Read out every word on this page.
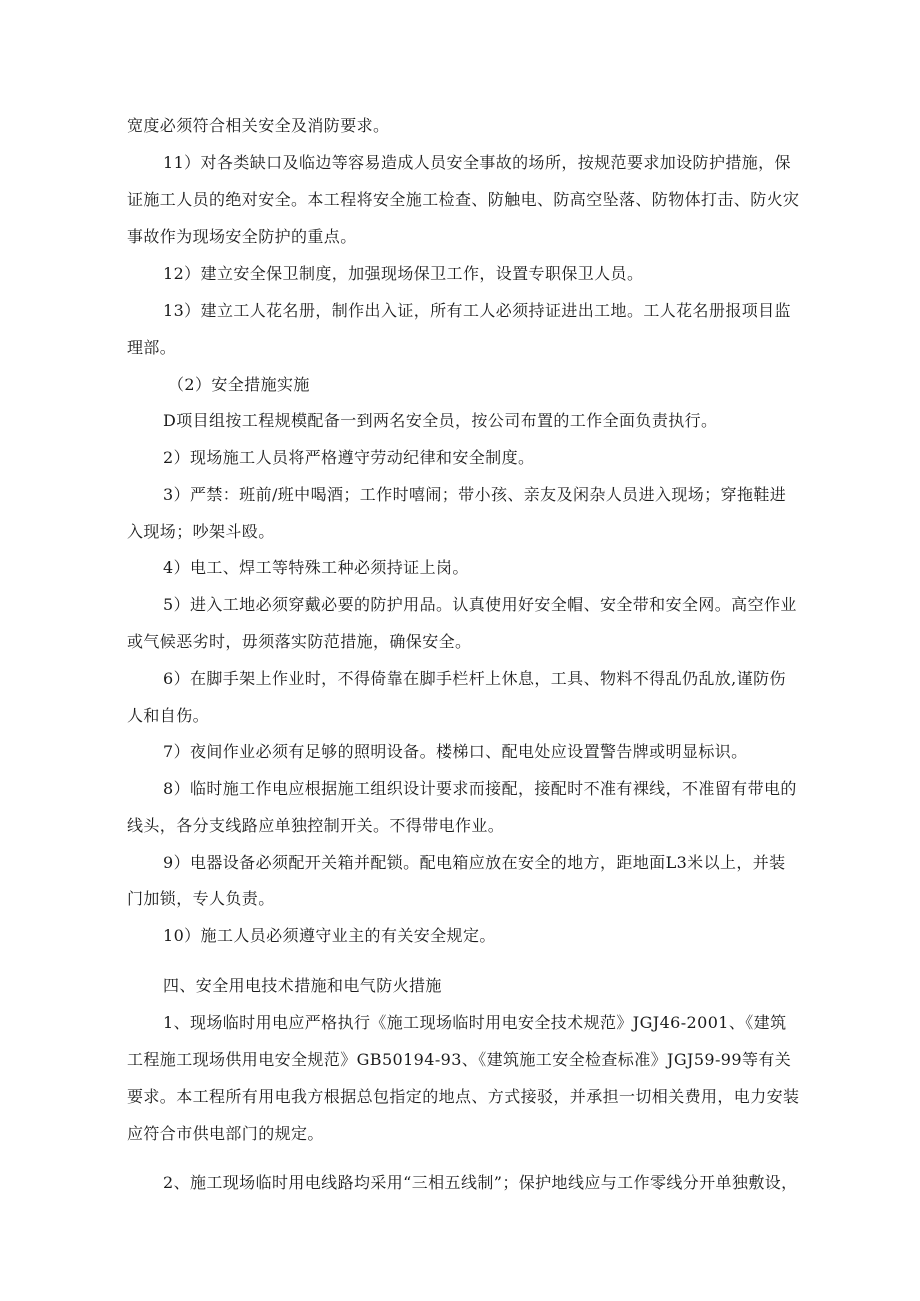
宽度必须符合相关安全及消防要求。
11）对各类缺口及临边等容易造成人员安全事故的场所，按规范要求加设防护措施，保
证施工人员的绝对安全。本工程将安全施工检查、防触电、防高空坠落、防物体打击、防火灾
事故作为现场安全防护的重点。
12）建立安全保卫制度，加强现场保卫工作，设置专职保卫人员。
13）建立工人花名册，制作出入证，所有工人必须持证进出工地。工人花名册报项目监
理部。
（2）安全措施实施
D项目组按工程规模配备一到两名安全员，按公司布置的工作全面负责执行。
2）现场施工人员将严格遵守劳动纪律和安全制度。
3）严禁：班前/班中喝酒；工作时嘻闹；带小孩、亲友及闲杂人员进入现场；穿拖鞋进
入现场；吵架斗殴。
4）电工、焊工等特殊工种必须持证上岗。
5）进入工地必须穿戴必要的防护用品。认真使用好安全帽、安全带和安全网。高空作业
或气候恶劣时，毋须落实防范措施，确保安全。
6）在脚手架上作业时，不得倚靠在脚手栏杆上休息，工具、物料不得乱仍乱放,谨防伤
人和自伤。
7）夜间作业必须有足够的照明设备。楼梯口、配电处应设置警告牌或明显标识。
8）临时施工作电应根据施工组织设计要求而接配，接配时不准有裸线，不准留有带电的
线头，各分支线路应单独控制开关。不得带电作业。
9）电器设备必须配开关箱并配锁。配电箱应放在安全的地方，距地面L3米以上，并装
门加锁，专人负责。
10）施工人员必须遵守业主的有关安全规定。
四、安全用电技术措施和电气防火措施
1、现场临时用电应严格执行《施工现场临时用电安全技术规范》JGJ46-2001、《建筑
工程施工现场供用电安全规范》GB50194-93、《建筑施工安全检查标准》JGJ59-99等有关
要求。本工程所有用电我方根据总包指定的地点、方式接驳，并承担一切相关费用，电力安装
应符合市供电部门的规定。
2、施工现场临时用电线路均采用“三相五线制”；保护地线应与工作零线分开单独敷设，
